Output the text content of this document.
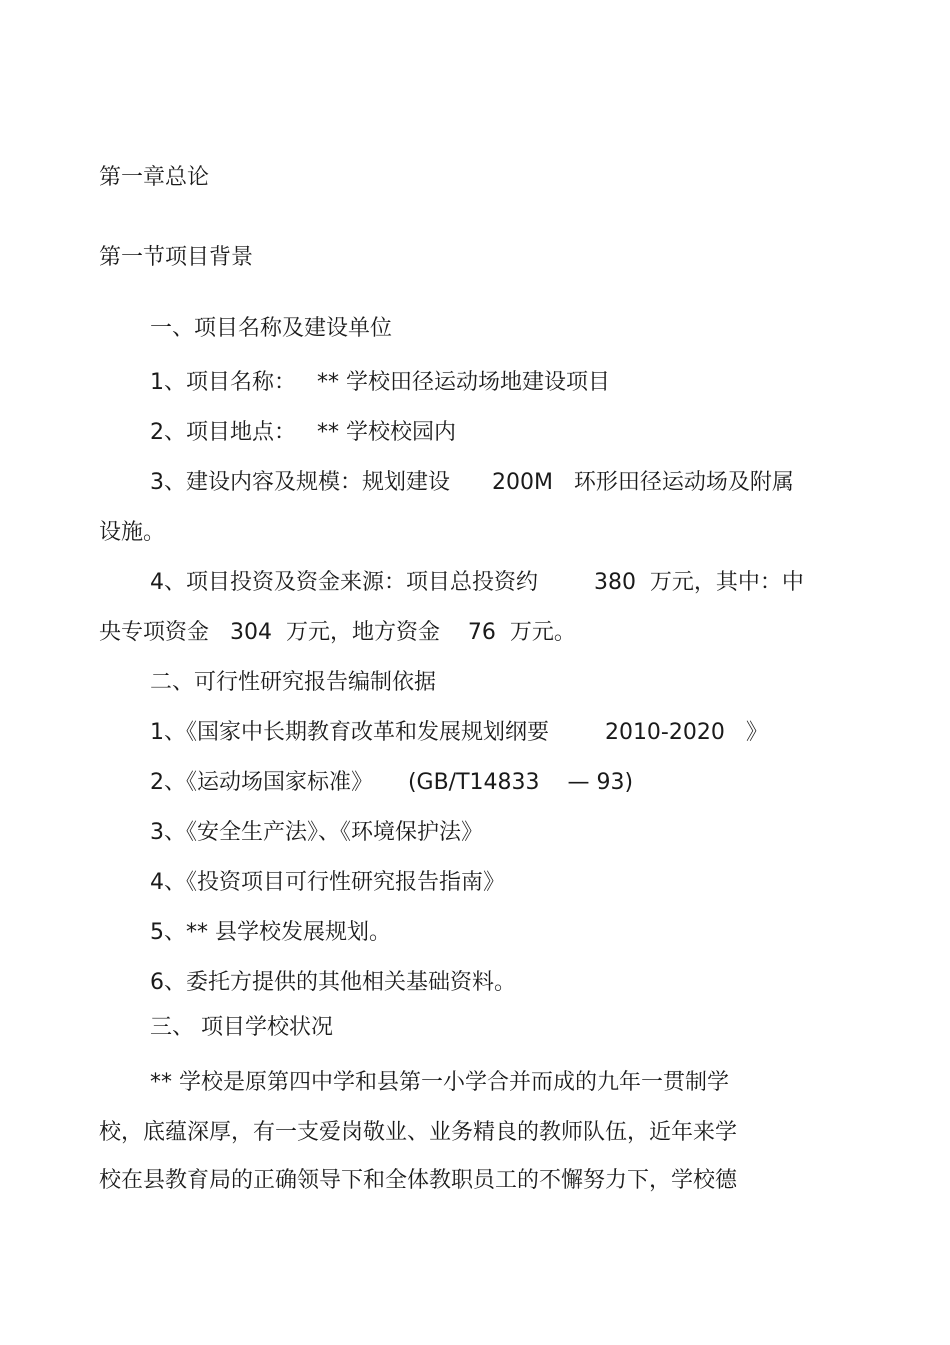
第一章总论

第一节项目背景

一、项目名称及建设单位

1、项目名称：   ** 学校田径运动场地建设项目

2、项目地点：   ** 学校校园内

3、建设内容及规模：规划建设      200M   环形田径运动场及附属

设施。

4、项目投资及资金来源：项目总投资约        380  万元，其中：中

央专项资金   304  万元，地方资金    76  万元。

二、可行性研究报告编制依据

1、《国家中长期教育改革和发展规划纲要        2010-2020   》

2、《运动场国家标准》     (GB/T14833    — 93)

3、《安全生产法》、《环境保护法》

4、《投资项目可行性研究报告指南》

5、** 县学校发展规划。

6、委托方提供的其他相关基础资料。

三、 项目学校状况

** 学校是原第四中学和县第一小学合并而成的九年一贯制学

校，底蕴深厚，有一支爱岗敬业、业务精良的教师队伍，近年来学

校在县教育局的正确领导下和全体教职员工的不懈努力下，学校德
